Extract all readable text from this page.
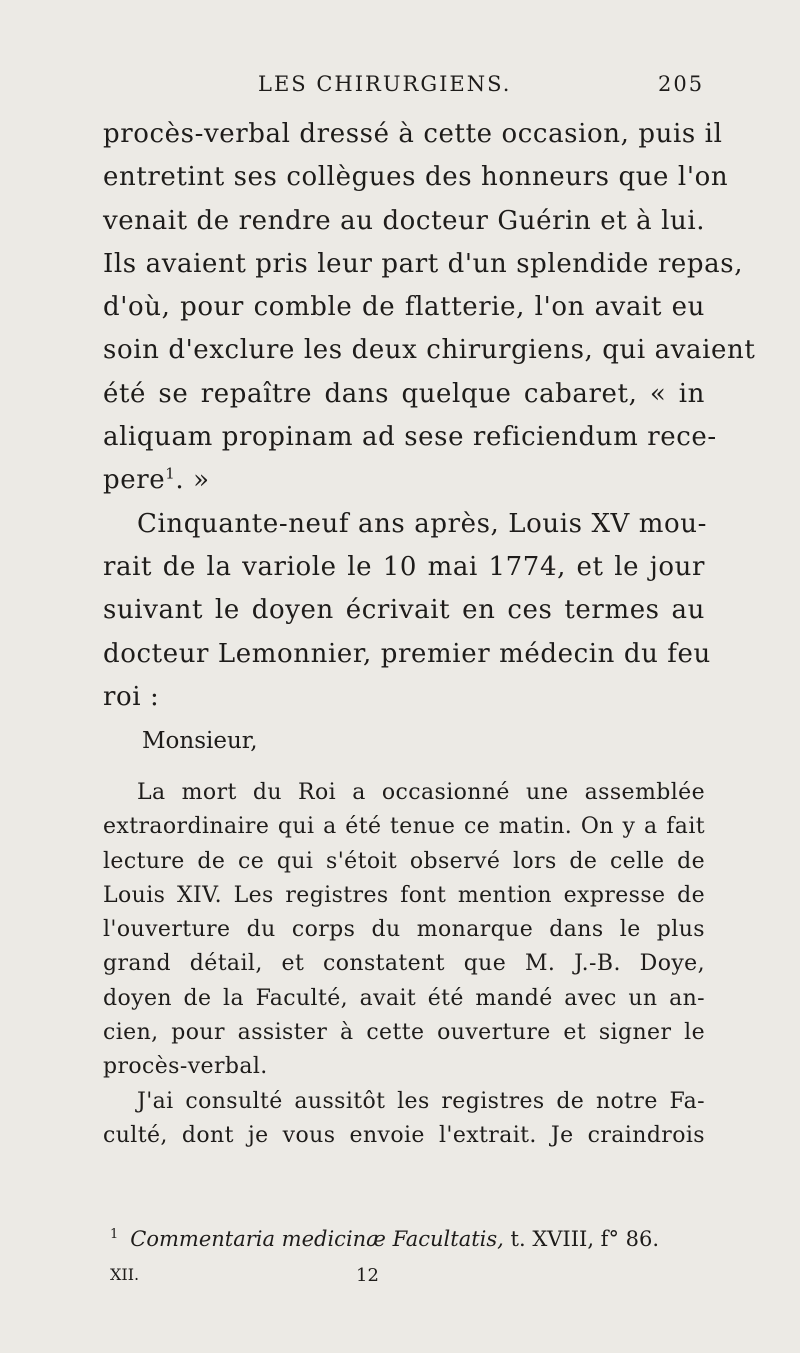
LES CHIRURGIENS.	205
procès-verbal dressé à cette occasion, puis il
entretint ses collègues des honneurs que l'on
venait de rendre au docteur Guérin et à lui.
Ils avaient pris leur part d'un splendide repas,
d'où, pour comble de flatterie, l'on avait eu
soin d'exclure les deux chirurgiens, qui avaient
été se repaître dans quelque cabaret, « in
aliquam propinam ad sese reficiendum rece-
pere$^1$. »
Cinquante-neuf ans après, Louis XV mou-
rait de la variole le 10 mai 1774, et le jour
suivant le doyen écrivait en ces termes au
docteur Lemonnier, premier médecin du feu
roi :
Monsieur,
La mort du Roi a occasionné une assemblée
extraordinaire qui a été tenue ce matin. On y a fait
lecture de ce qui s'étoit observé lors de celle de
Louis XIV. Les registres font mention expresse de
l'ouverture du corps du monarque dans le plus
grand détail, et constatent que M. J.-B. Doye,
doyen de la Faculté, avait été mandé avec un an-
cien, pour assister à cette ouverture et signer le
procès-verbal.
J'ai consulté aussitôt les registres de notre Fa-
culté, dont je vous envoie l'extrait. Je craindrois
$^1$ Commentaria medicinæ Facultatis, t. XVIII, f° 86.
XII.	12
